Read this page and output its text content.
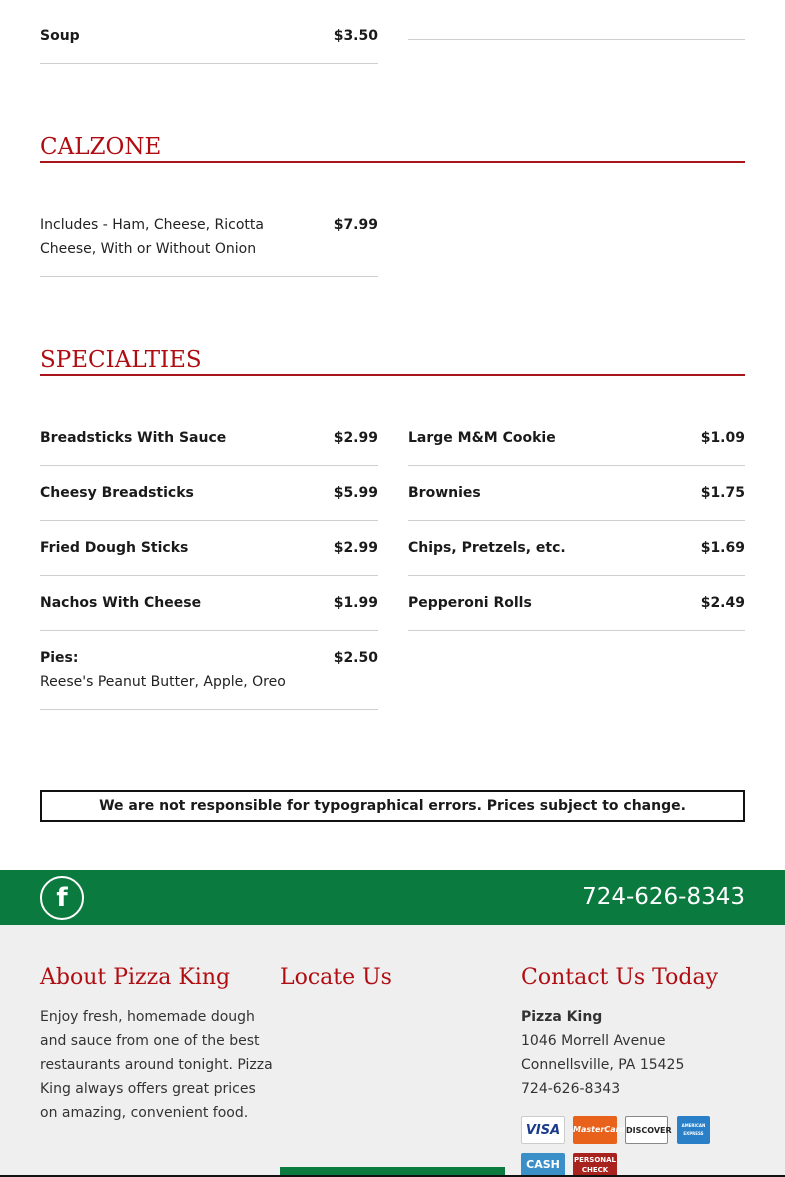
Soup	$3.50
CALZONE
Includes - Ham, Cheese, Ricotta
Cheese, With or Without Onion
$7.99
SPECIALTIES
Breadsticks With Sauce	$2.99
Cheesy Breadsticks	$5.99
Fried Dough Sticks	$2.99
Nachos With Cheese	$1.99
Pies:
Reese's Peanut Butter, Apple, Oreo
$2.50
Large M&M Cookie	$1.09
Brownies	$1.75
Chips, Pretzels, etc.	$1.69
Pepperoni Rolls	$2.49
We are not responsible for typographical errors. Prices subject to change.
f	724-626-8343
About Pizza King
Enjoy fresh, homemade dough
and sauce from one of the best
restaurants around tonight. Pizza
King always offers great prices
on amazing, convenient food.
Locate Us	Contact Us Today
Pizza King
1046 Morrell Avenue
Connellsville, PA 15425
724-626-8343
VISA	MasterCard DISCOVER
AMERICAN EXPRESS
CASH	PERSONAL CHECK
